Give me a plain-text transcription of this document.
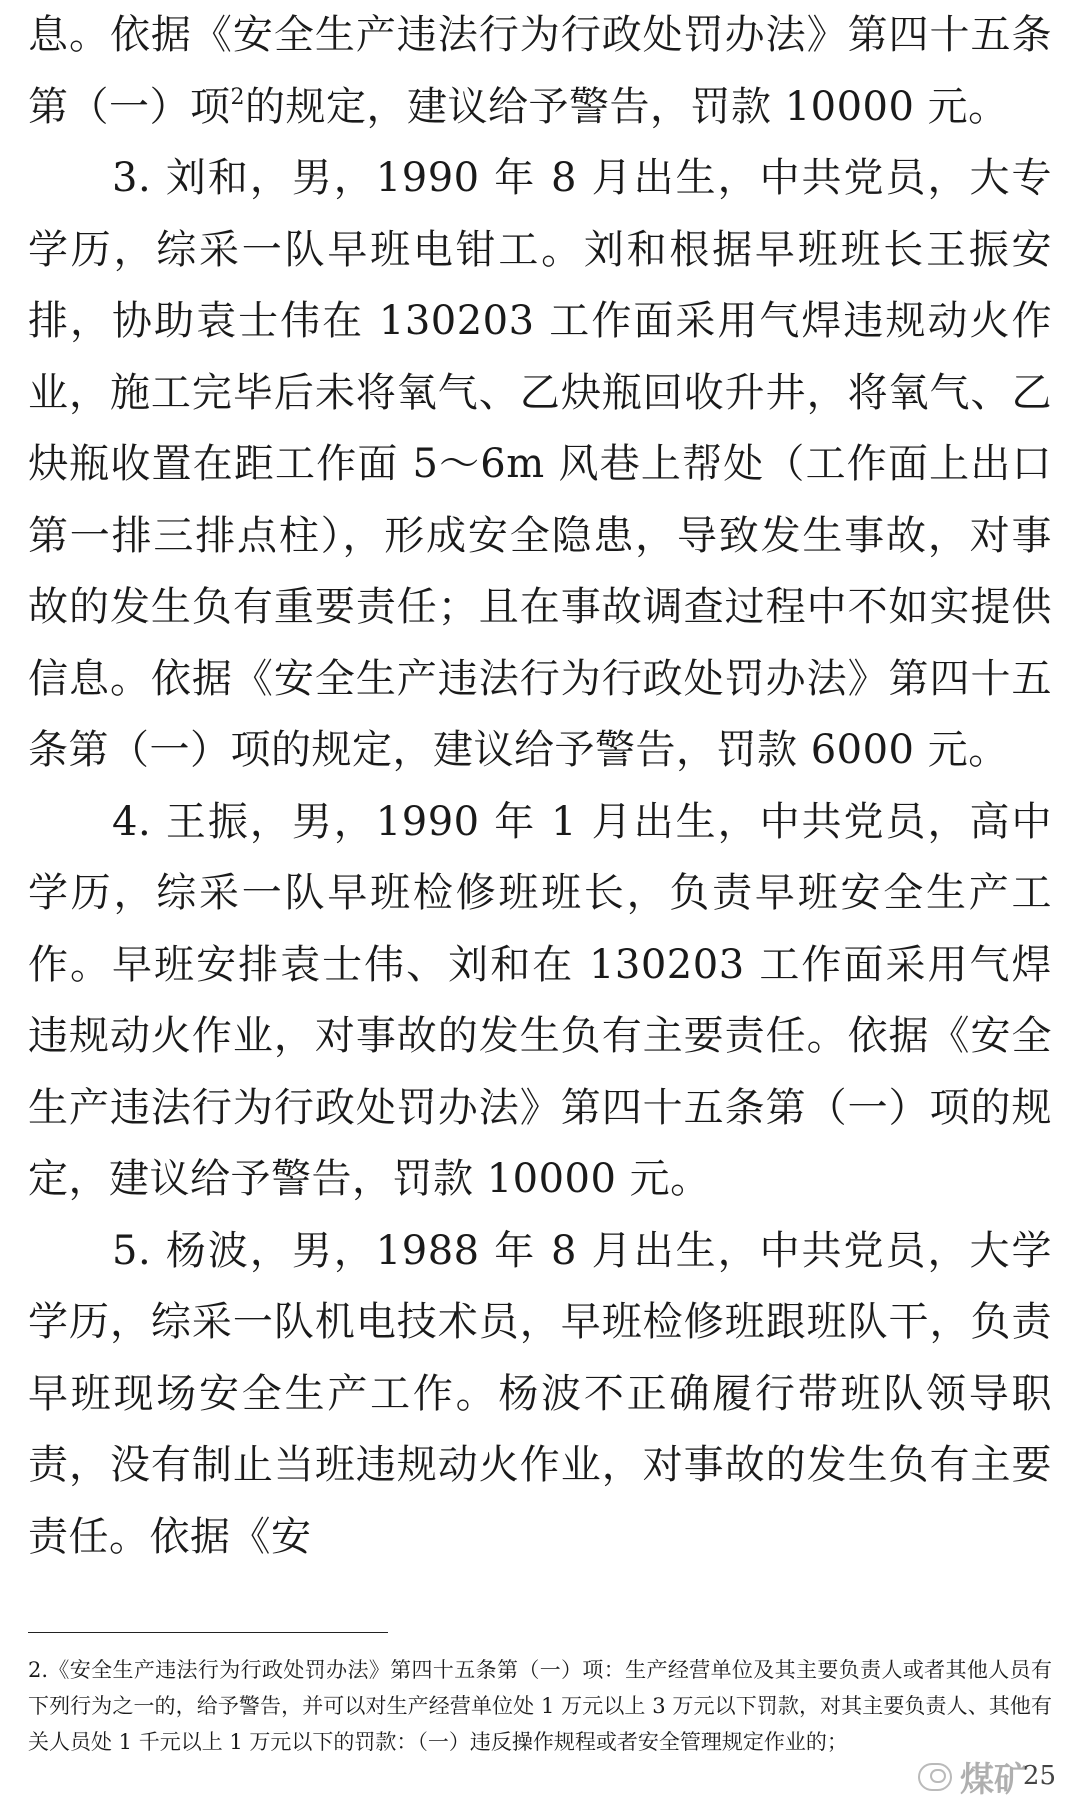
息。依据《安全生产违法行为行政处罚办法》第四十五条第（一）项$^2$的规定，建议给予警告，罚款 10000 元。

3. 刘和，男，1990 年 8 月出生，中共党员，大专学历，综采一队早班电钳工。刘和根据早班班长王振安排，协助袁士伟在 130203 工作面采用气焊违规动火作业，施工完毕后未将氧气、乙炔瓶回收升井，将氧气、乙炔瓶收置在距工作面 5～6m 风巷上帮处（工作面上出口第一排三排点柱），形成安全隐患，导致发生事故，对事故的发生负有重要责任；且在事故调查过程中不如实提供信息。依据《安全生产违法行为行政处罚办法》第四十五条第（一）项的规定，建议给予警告，罚款 6000 元。

4. 王振，男，1990 年 1 月出生，中共党员，高中学历，综采一队早班检修班班长，负责早班安全生产工作。早班安排袁士伟、刘和在 130203 工作面采用气焊违规动火作业，对事故的发生负有主要责任。依据《安全生产违法行为行政处罚办法》第四十五条第（一）项的规定，建议给予警告，罚款 10000 元。

5. 杨波，男，1988 年 8 月出生，中共党员，大学学历，综采一队机电技术员，早班检修班跟班队干，负责早班现场安全生产工作。杨波不正确履行带班队领导职责，没有制止当班违规动火作业，对事故的发生负有主要责任。依据《安

2.《安全生产违法行为行政处罚办法》第四十五条第（一）项：生产经营单位及其主要负责人或者其他人员有下列行为之一的，给予警告，并可以对生产经营单位处 1 万元以上 3 万元以下罚款，对其主要负责人、其他有关人员处 1 千元以上 1 万元以下的罚款：（一）违反操作规程或者安全管理规定作业的；
煤矿
25
